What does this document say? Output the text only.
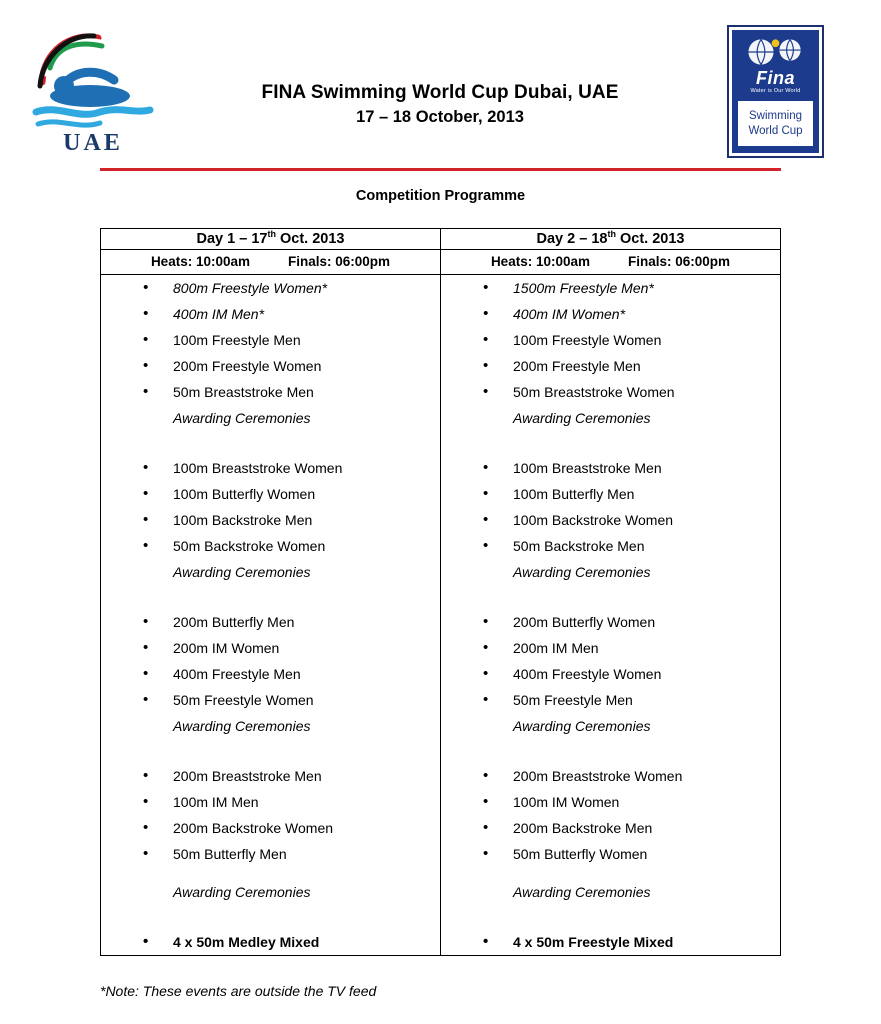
UAE
FINA Swimming World Cup Dubai, UAE
17 – 18 October, 2013
Fina
Water is Our World
Swimming
World Cup
Competition Programme
Day 1 – 17th Oct. 2013	Day 2 – 18th Oct. 2013

Heats: 10:00am Finals: 06:00pm	Heats: 10:00am Finals: 06:00pm

• 800m Freestyle Women*
• 400m IM Men*
• 100m Freestyle Men
• 200m Freestyle Women
• 50m Breaststroke Men
Awarding Ceremonies
• 100m Breaststroke Women
• 100m Butterfly Women
• 100m Backstroke Men
• 50m Backstroke Women
Awarding Ceremonies
• 200m Butterfly Men
• 200m IM Women
• 400m Freestyle Men
• 50m Freestyle Women
Awarding Ceremonies
• 200m Breaststroke Men
• 100m IM Men
• 200m Backstroke Women
• 50m Butterfly Men
Awarding Ceremonies
• 4 x 50m Medley Mixed

• 1500m Freestyle Men*
• 400m IM Women*
• 100m Freestyle Women
• 200m Freestyle Men
• 50m Breaststroke Women
Awarding Ceremonies
• 100m Breaststroke Men
• 100m Butterfly Men
• 100m Backstroke Women
• 50m Backstroke Men
Awarding Ceremonies
• 200m Butterfly Women
• 200m IM Men
• 400m Freestyle Women
• 50m Freestyle Men
Awarding Ceremonies
• 200m Breaststroke Women
• 100m IM Women
• 200m Backstroke Men
• 50m Butterfly Women
Awarding Ceremonies
• 4 x 50m Freestyle Mixed
*Note: These events are outside the TV feed
